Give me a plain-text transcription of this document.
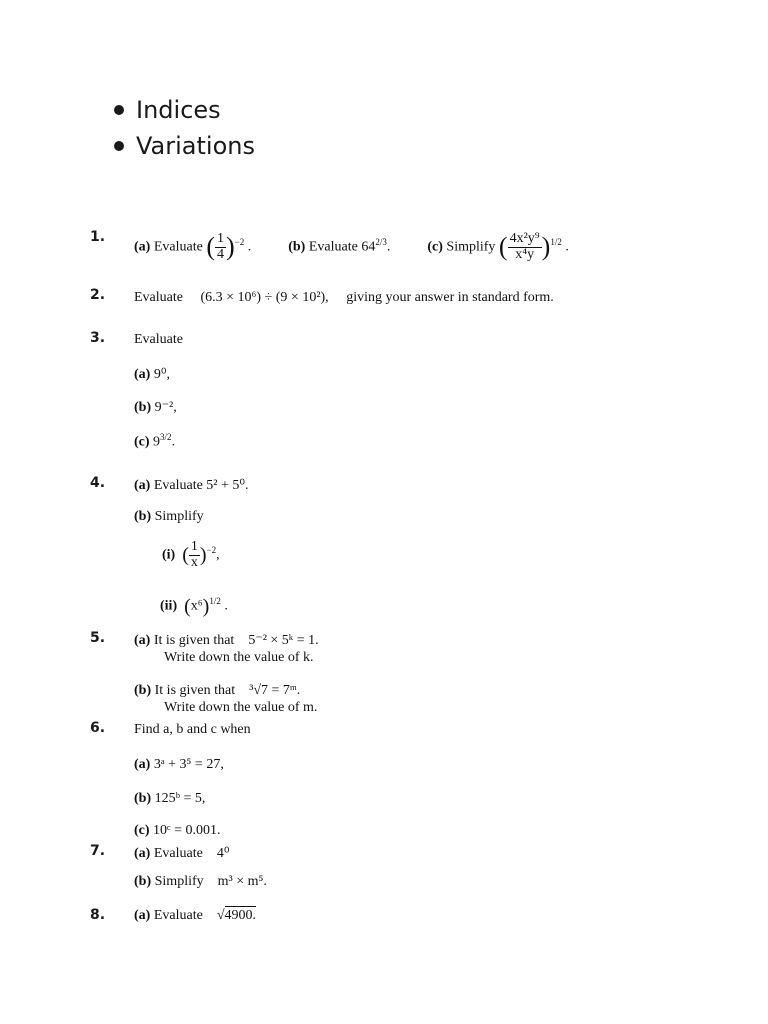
Indices
Variations
1.
(a) Evaluate ( $\frac{1}{4} )^{-2}$ .  (b) Evaluate $64^{2/3}$.  (c) Simplify ( $\frac{\text{4x²y⁹}}{\text{x⁴y}} )^{1/2}$ .
2. Evaluate (6.3 × 10⁶) ÷ (9 × 10²), giving your answer in standard form.
3. Evaluate
(a) 9⁰,
(b) 9⁻²,
(c) $9^{3/2}$.
4. (a) Evaluate 5² + 5⁰.
(b) Simplify
(i) ( $\frac{1}{x} )^{-2}$,
(ii) $(x^6)^{1/2}$ .
5. (a) It is given that 5⁻² × 5ᵏ = 1.
Write down the value of k.
(b) It is given that ³√7 = 7ᵐ.
Write down the value of m.
6. Find a, b and c when
(a) 3ᵃ + 3⁵ = 27,
(b) 125ᵇ = 5,
(c) 10ᶜ = 0.001.
7. (a) Evaluate 4⁰
(b) Simplify m³ × m⁵.
8. (a) Evaluate √4900.
